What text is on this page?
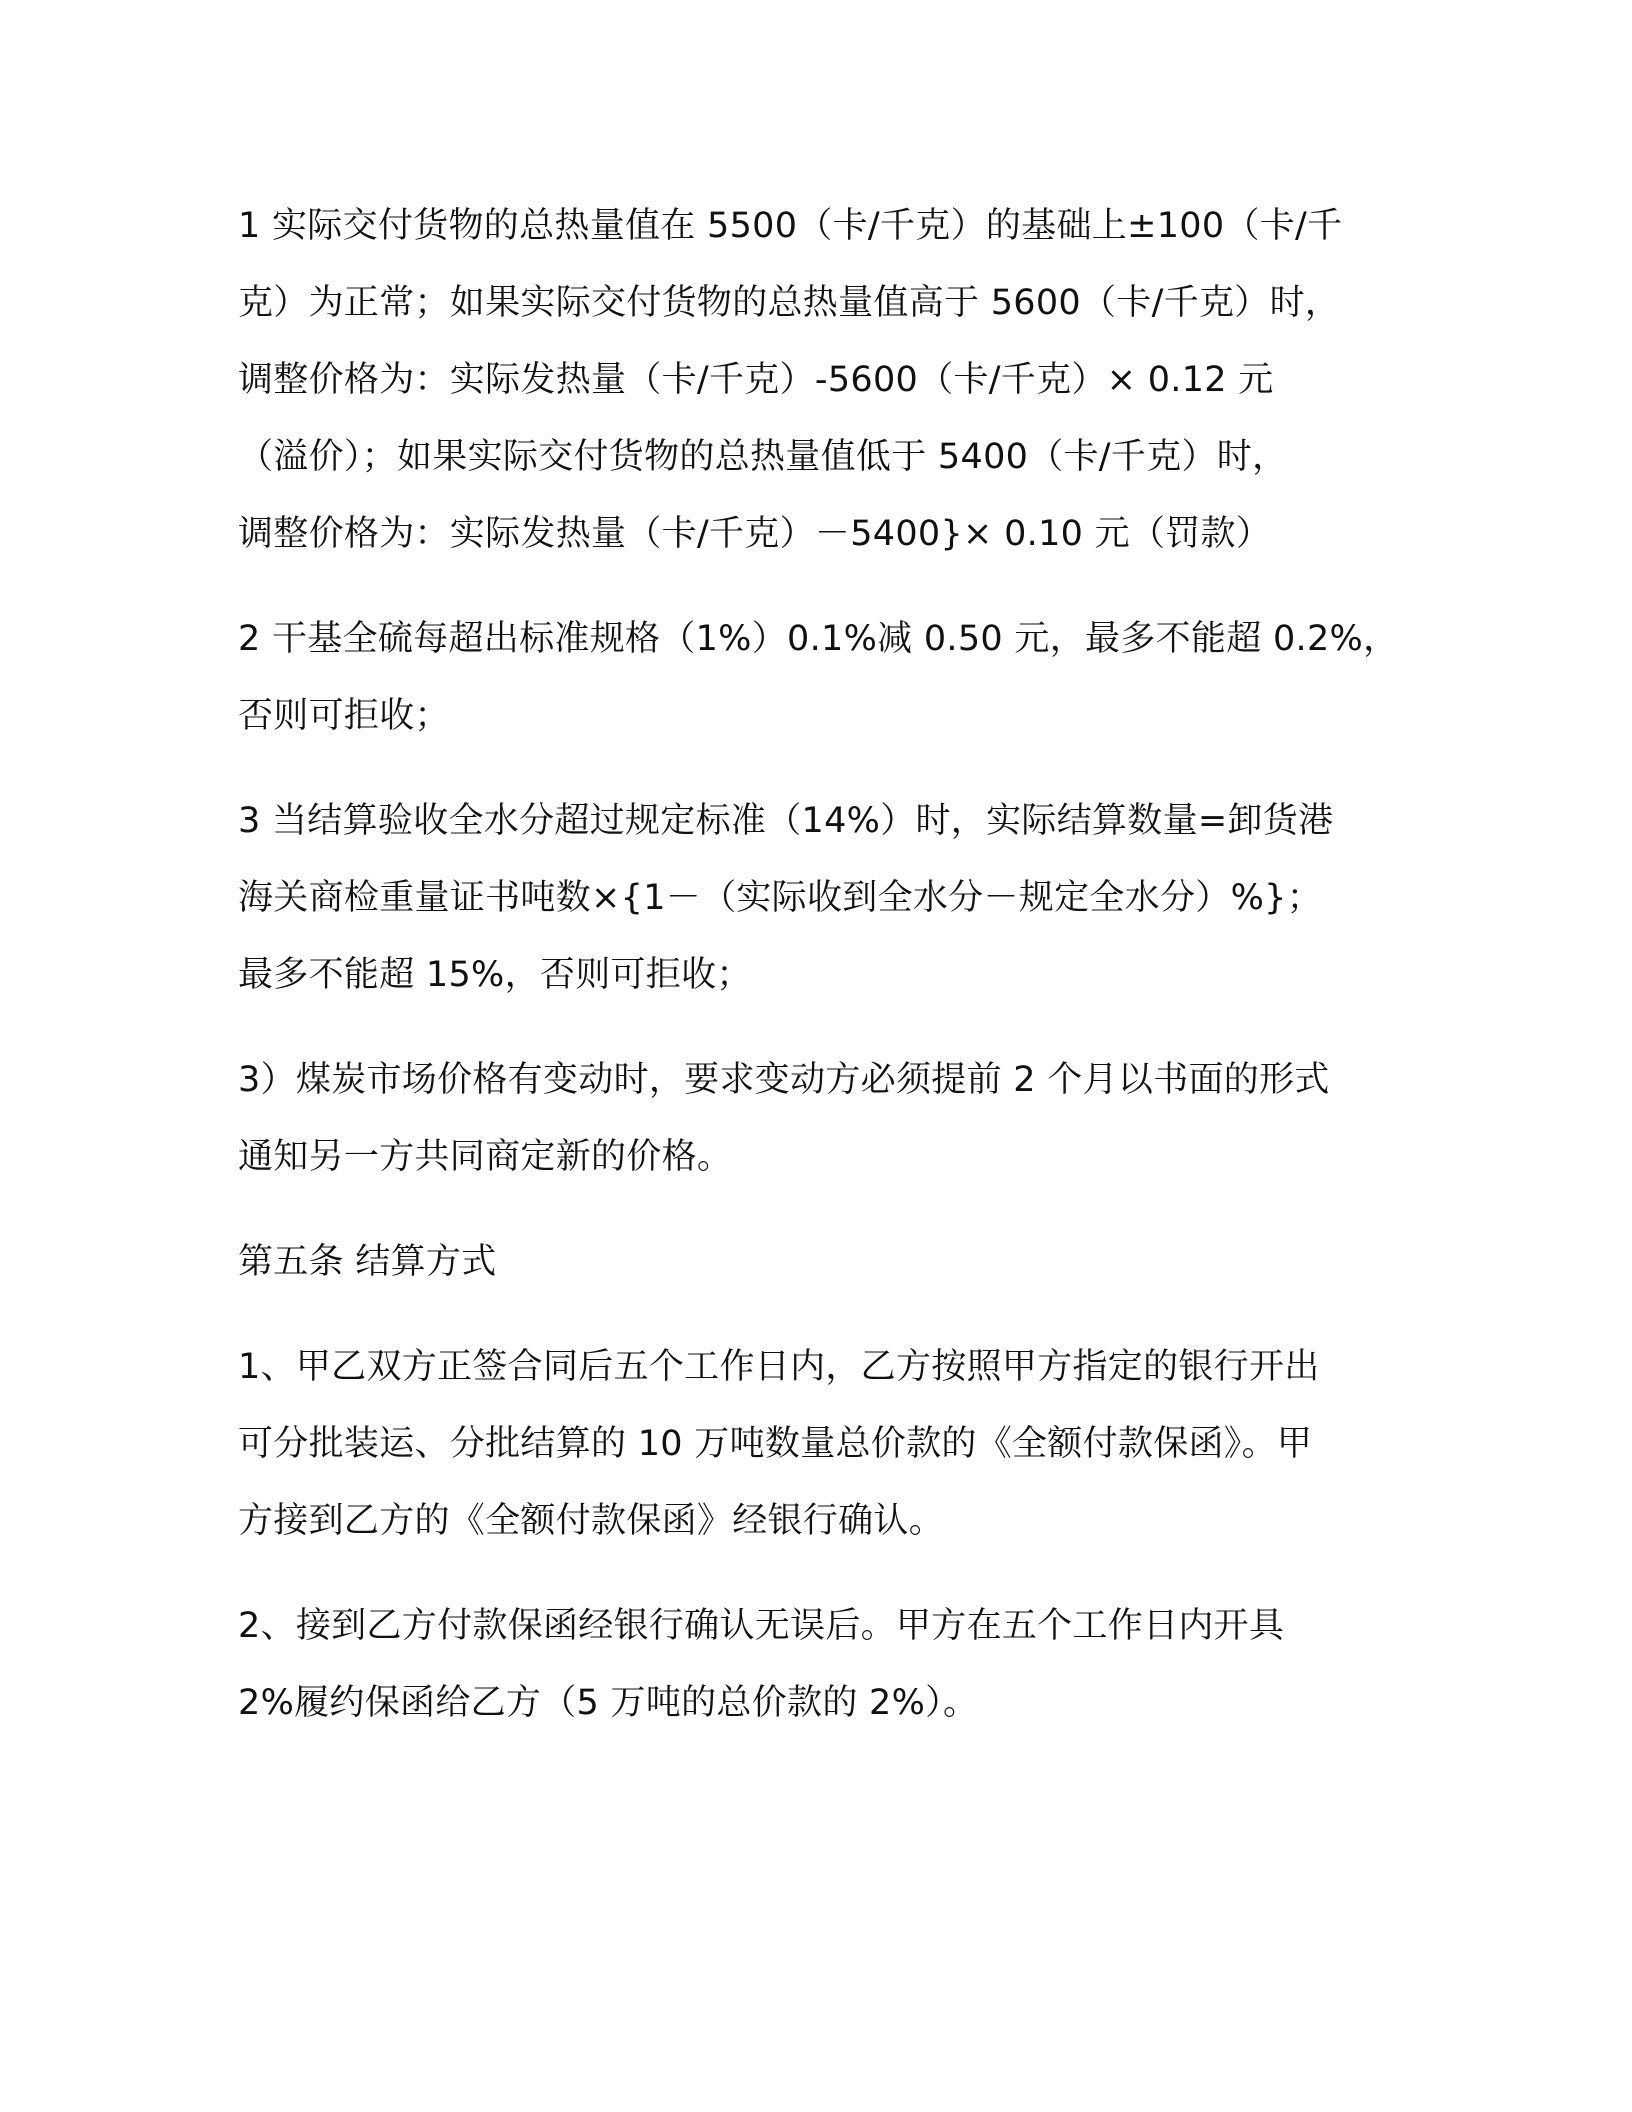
1 实际交付货物的总热量值在 5500（卡/千克）的基础上±100（卡/千
克）为正常；如果实际交付货物的总热量值高于 5600（卡/千克）时，
调整价格为：实际发热量（卡/千克）-5600（卡/千克）× 0.12 元
（溢价）；如果实际交付货物的总热量值低于 5400（卡/千克）时，
调整价格为：实际发热量（卡/千克）－5400}× 0.10 元（罚款）
2 干基全硫每超出标准规格（1%）0.1%减 0.50 元，最多不能超 0.2%，
否则可拒收；
3 当结算验收全水分超过规定标准（14%）时，实际结算数量=卸货港
海关商检重量证书吨数×{1－（实际收到全水分－规定全水分）%}；
最多不能超 15%，否则可拒收；
3）煤炭市场价格有变动时，要求变动方必须提前 2 个月以书面的形式
通知另一方共同商定新的价格。
第五条 结算方式
1、甲乙双方正签合同后五个工作日内，乙方按照甲方指定的银行开出
可分批装运、分批结算的 10 万吨数量总价款的《全额付款保函》。甲
方接到乙方的《全额付款保函》经银行确认。
2、接到乙方付款保函经银行确认无误后。甲方在五个工作日内开具
2%履约保函给乙方（5 万吨的总价款的 2%）。
